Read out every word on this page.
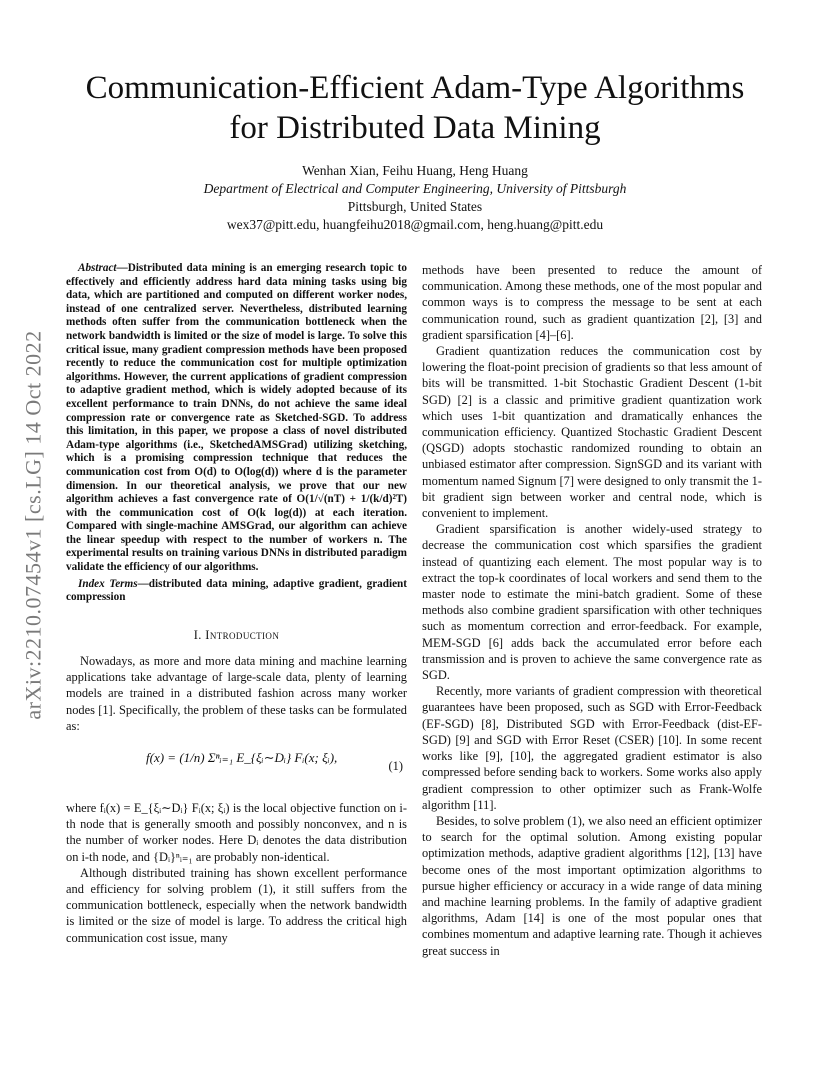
arXiv:2210.07454v1 [cs.LG] 14 Oct 2022
Communication-Efficient Adam-Type Algorithms
for Distributed Data Mining
Wenhan Xian, Feihu Huang, Heng Huang
Department of Electrical and Computer Engineering, University of Pittsburgh
Pittsburgh, United States
wex37@pitt.edu, huangfeihu2018@gmail.com, heng.huang@pitt.edu

Abstract—Distributed data mining is an emerging research topic to effectively and efficiently address hard data mining tasks using big data, which are partitioned and computed on different worker nodes, instead of one centralized server. Nevertheless, distributed learning methods often suffer from the communication bottleneck when the network bandwidth is limited or the size of model is large. To solve this critical issue, many gradient compression methods have been proposed recently to reduce the communication cost for multiple optimization algorithms. However, the current applications of gradient compression to adaptive gradient method, which is widely adopted because of its excellent performance to train DNNs, do not achieve the same ideal compression rate or convergence rate as Sketched-SGD. To address this limitation, in this paper, we propose a class of novel distributed Adam-type algorithms (i.e., SketchedAMSGrad) utilizing sketching, which is a promising compression technique that reduces the communication cost from O(d) to O(log(d)) where d is the parameter dimension. In our theoretical analysis, we prove that our new algorithm achieves a fast convergence rate of O(1/√(nT) + 1/(k/d)²T) with the communication cost of O(k log(d)) at each iteration. Compared with single-machine AMSGrad, our algorithm can achieve the linear speedup with respect to the number of workers n. The experimental results on training various DNNs in distributed paradigm validate the efficiency of our algorithms.

Index Terms—distributed data mining, adaptive gradient, gradient compression

I. Introduction

Nowadays, as more and more data mining and machine learning applications take advantage of large-scale data, plenty of learning models are trained in a distributed fashion across many worker nodes [1]. Specifically, the problem of these tasks can be formulated as:

f(x) = (1/n) Σⁿᵢ₌₁ E_{ξᵢ∼Dᵢ} Fᵢ(x; ξᵢ),
(1)

where fᵢ(x) = E_{ξᵢ∼Dᵢ} Fᵢ(x; ξᵢ) is the local objective function on i-th node that is generally smooth and possibly nonconvex, and n is the number of worker nodes. Here Dᵢ denotes the data distribution on i-th node, and {Dᵢ}ⁿᵢ₌₁ are probably non-identical.

Although distributed training has shown excellent performance and efficiency for solving problem (1), it still suffers from the communication bottleneck, especially when the network bandwidth is limited or the size of model is large. To address the critical high communication cost issue, many

methods have been presented to reduce the amount of communication. Among these methods, one of the most popular and common ways is to compress the message to be sent at each communication round, such as gradient quantization [2], [3] and gradient sparsification [4]–[6].

Gradient quantization reduces the communication cost by lowering the float-point precision of gradients so that less amount of bits will be transmitted. 1-bit Stochastic Gradient Descent (1-bit SGD) [2] is a classic and primitive gradient quantization work which uses 1-bit quantization and dramatically enhances the communication efficiency. Quantized Stochastic Gradient Descent (QSGD) adopts stochastic randomized rounding to obtain an unbiased estimator after compression. SignSGD and its variant with momentum named Signum [7] were designed to only transmit the 1-bit gradient sign between worker and central node, which is convenient to implement.

Gradient sparsification is another widely-used strategy to decrease the communication cost which sparsifies the gradient instead of quantizing each element. The most popular way is to extract the top-k coordinates of local workers and send them to the master node to estimate the mini-batch gradient. Some of these methods also combine gradient sparsification with other techniques such as momentum correction and error-feedback. For example, MEM-SGD [6] adds back the accumulated error before each transmission and is proven to achieve the same convergence rate as SGD.

Recently, more variants of gradient compression with theoretical guarantees have been proposed, such as SGD with Error-Feedback (EF-SGD) [8], Distributed SGD with Error-Feedback (dist-EF-SGD) [9] and SGD with Error Reset (CSER) [10]. In some recent works like [9], [10], the aggregated gradient estimator is also compressed before sending back to workers. Some works also apply gradient compression to other optimizer such as Frank-Wolfe algorithm [11].

Besides, to solve problem (1), we also need an efficient optimizer to search for the optimal solution. Among existing popular optimization methods, adaptive gradient algorithms [12], [13] have become ones of the most important optimization algorithms to pursue higher efficiency or accuracy in a wide range of data mining and machine learning problems. In the family of adaptive gradient algorithms, Adam [14] is one of the most popular ones that combines momentum and adaptive learning rate. Though it achieves great success in
